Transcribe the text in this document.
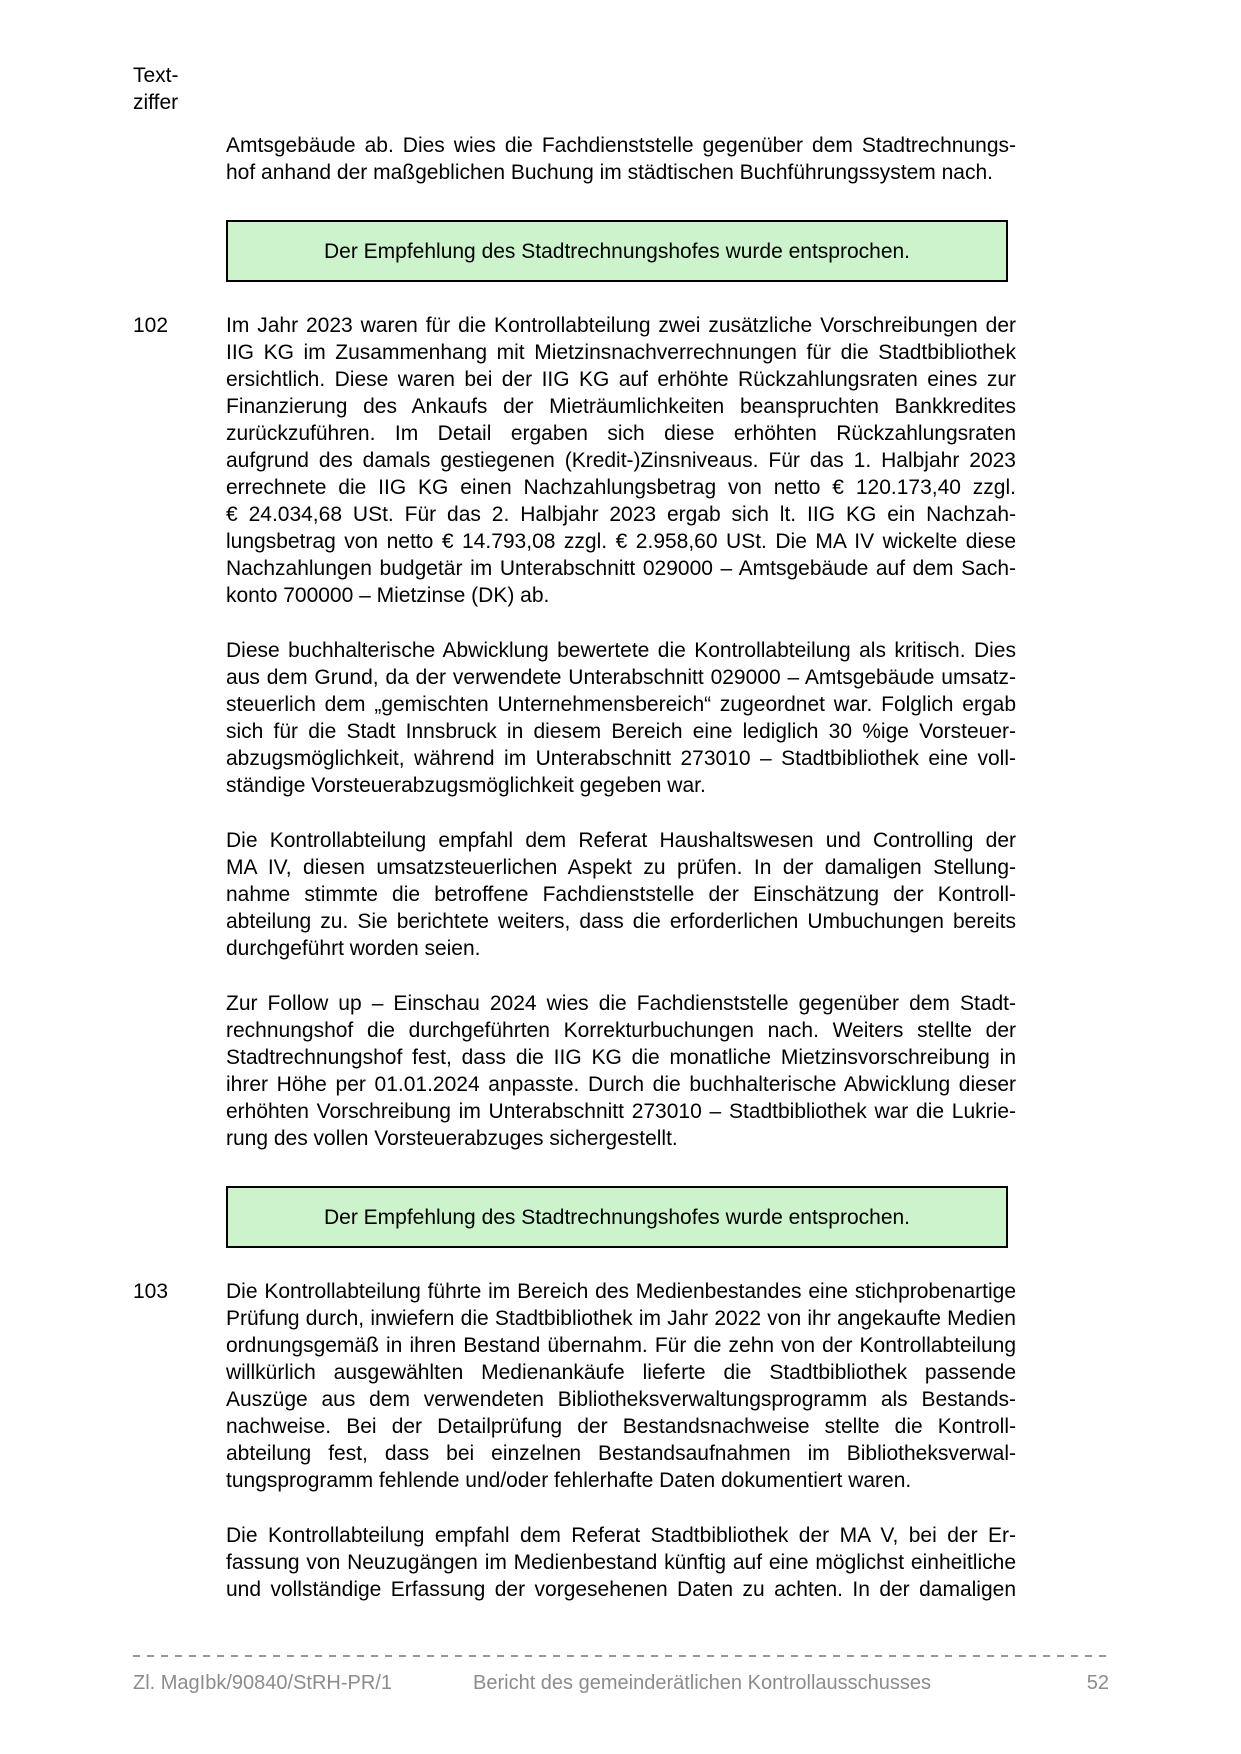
Text-
ziffer
Amtsgebäude ab. Dies wies die Fachdienststelle gegenüber dem Stadtrechnungs-
hof anhand der maßgeblichen Buchung im städtischen Buchführungssystem nach.
Der Empfehlung des Stadtrechnungshofes wurde entsprochen.
102	Im Jahr 2023 waren für die Kontrollabteilung zwei zusätzliche Vorschreibungen der
IIG KG im Zusammenhang mit Mietzinsnachverrechnungen für die Stadtbibliothek
ersichtlich. Diese waren bei der IIG KG auf erhöhte Rückzahlungsraten eines zur
Finanzierung des Ankaufs der Mieträumlichkeiten beanspruchten Bankkredites
zurückzuführen. Im Detail ergaben sich diese erhöhten Rückzahlungsraten
aufgrund des damals gestiegenen (Kredit-)Zinsniveaus. Für das 1. Halbjahr 2023
errechnete die IIG KG einen Nachzahlungsbetrag von netto € 120.173,40 zzgl.
€ 24.034,68 USt. Für das 2. Halbjahr 2023 ergab sich lt. IIG KG ein Nachzah-
lungsbetrag von netto € 14.793,08 zzgl. € 2.958,60 USt. Die MA IV wickelte diese
Nachzahlungen budgetär im Unterabschnitt 029000 – Amtsgebäude auf dem Sach-
konto 700000 – Mietzinse (DK) ab.
Diese buchhalterische Abwicklung bewertete die Kontrollabteilung als kritisch. Dies
aus dem Grund, da der verwendete Unterabschnitt 029000 – Amtsgebäude umsatz-
steuerlich dem „gemischten Unternehmensbereich“ zugeordnet war. Folglich ergab
sich für die Stadt Innsbruck in diesem Bereich eine lediglich 30 %ige Vorsteuer-
abzugsmöglichkeit, während im Unterabschnitt 273010 – Stadtbibliothek eine voll-
ständige Vorsteuerabzugsmöglichkeit gegeben war.
Die Kontrollabteilung empfahl dem Referat Haushaltswesen und Controlling der
MA IV, diesen umsatzsteuerlichen Aspekt zu prüfen. In der damaligen Stellung-
nahme stimmte die betroffene Fachdienststelle der Einschätzung der Kontroll-
abteilung zu. Sie berichtete weiters, dass die erforderlichen Umbuchungen bereits
durchgeführt worden seien.
Zur Follow up – Einschau 2024 wies die Fachdienststelle gegenüber dem Stadt-
rechnungshof die durchgeführten Korrekturbuchungen nach. Weiters stellte der
Stadtrechnungshof fest, dass die IIG KG die monatliche Mietzinsvorschreibung in
ihrer Höhe per 01.01.2024 anpasste. Durch die buchhalterische Abwicklung dieser
erhöhten Vorschreibung im Unterabschnitt 273010 – Stadtbibliothek war die Lukrie-
rung des vollen Vorsteuerabzuges sichergestellt.
Der Empfehlung des Stadtrechnungshofes wurde entsprochen.
103	Die Kontrollabteilung führte im Bereich des Medienbestandes eine stichprobenartige
Prüfung durch, inwiefern die Stadtbibliothek im Jahr 2022 von ihr angekaufte Medien
ordnungsgemäß in ihren Bestand übernahm. Für die zehn von der Kontrollabteilung
willkürlich ausgewählten Medienankäufe lieferte die Stadtbibliothek passende
Auszüge aus dem verwendeten Bibliotheksverwaltungsprogramm als Bestands-
nachweise. Bei der Detailprüfung der Bestandsnachweise stellte die Kontroll-
abteilung fest, dass bei einzelnen Bestandsaufnahmen im Bibliotheksverwal-
tungsprogramm fehlende und/oder fehlerhafte Daten dokumentiert waren.
Die Kontrollabteilung empfahl dem Referat Stadtbibliothek der MA V, bei der Er-
fassung von Neuzugängen im Medienbestand künftig auf eine möglichst einheitliche
und vollständige Erfassung der vorgesehenen Daten zu achten. In der damaligen
Zl. MagIbk/90840/StRH-PR/1	Bericht des gemeinderätlichen Kontrollausschusses	52
